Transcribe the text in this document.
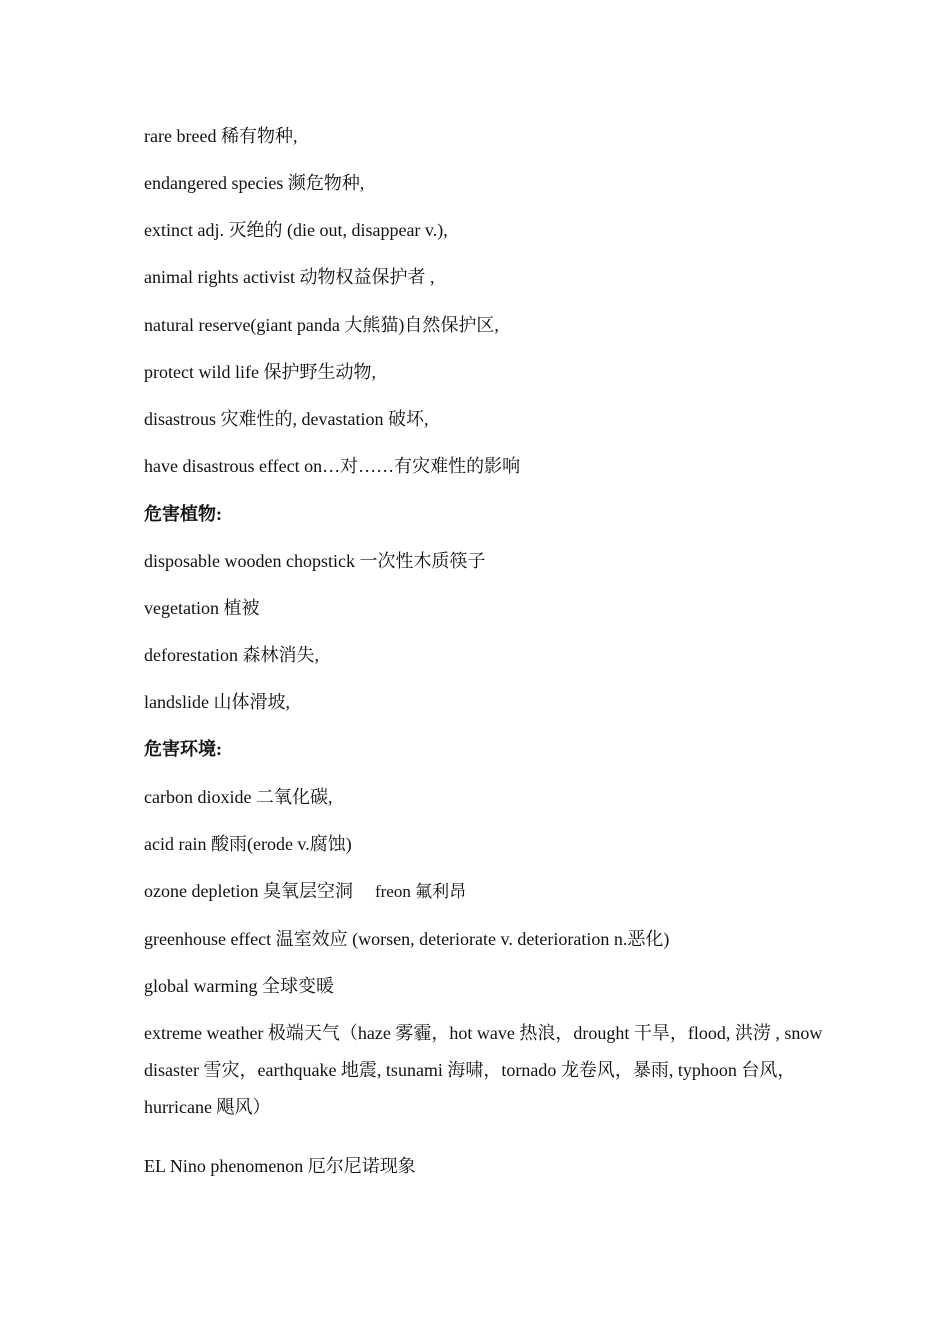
rare breed 稀有物种,
endangered species 濒危物种,
extinct adj. 灭绝的 (die out, disappear v.),
animal rights activist 动物权益保护者 ,
natural reserve(giant panda 大熊猫)自然保护区,
protect wild life 保护野生动物,
disastrous 灾难性的, devastation 破坏,
have disastrous effect on…对……有灾难性的影响
危害植物:
disposable wooden chopstick 一次性木质筷子
vegetation 植被
deforestation 森林消失,
landslide 山体滑坡,
危害环境:
carbon dioxide 二氧化碳,
acid rain 酸雨(erode v.腐蚀)
ozone depletion 臭氧层空洞 freon 氟利昂
greenhouse effect 温室效应 (worsen, deteriorate v. deterioration n.恶化)
global warming 全球变暖
extreme weather 极端天气（haze 雾霾，hot wave 热浪，drought 干旱，flood, 洪涝 , snow disaster 雪灾，earthquake 地震, tsunami 海啸，tornado 龙卷风，暴雨, typhoon 台风，hurricane 飓风）
EL Nino phenomenon 厄尔尼诺现象
